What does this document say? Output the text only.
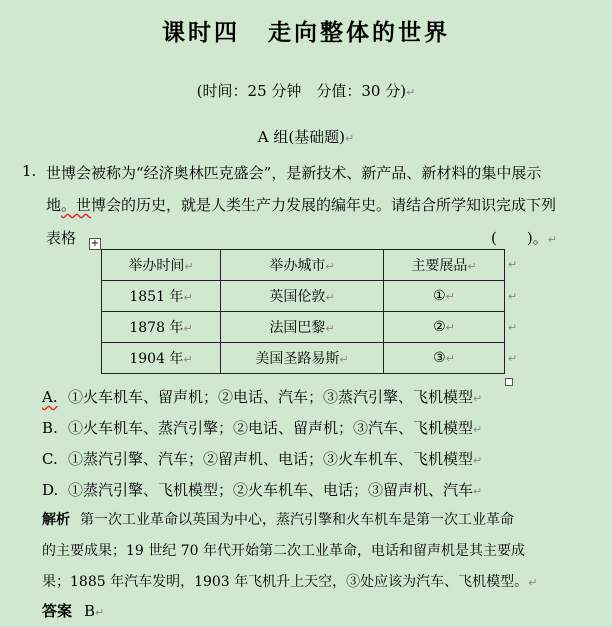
课时四 走向整体的世界
(时间：25 分钟　分值：30 分)↵
A 组(基础题)↵
1. 世博会被称为“经济奥林匹克盛会”，是新技术、新产品、新材料的集中展示
地。世博会的历史，就是人类生产力发展的编年史。请结合所学知识完成下列
表格	(　　)。↵
+
举办时间↵	举办城市↵	主要展品↵
1851 年↵	英国伦敦↵	①↵
1878 年↵	法国巴黎↵	②↵
1904 年↵	美国圣路易斯↵	③↵
↵
↵
↵
↵
A. ①火车机车、留声机；②电话、汽车；③蒸汽引擎、飞机模型↵
B. ①火车机车、蒸汽引擎；②电话、留声机；③汽车、飞机模型↵
C. ①蒸汽引擎、汽车；②留声机、电话；③火车机车、飞机模型↵
D. ①蒸汽引擎、飞机模型；②火车机车、电话；③留声机、汽车↵
解析 第一次工业革命以英国为中心，蒸汽引擎和火车机车是第一次工业革命
的主要成果；19 世纪 70 年代开始第二次工业革命，电话和留声机是其主要成
果；1885 年汽车发明，1903 年飞机升上天空，③处应该为汽车、飞机模型。↵
答案 B↵
